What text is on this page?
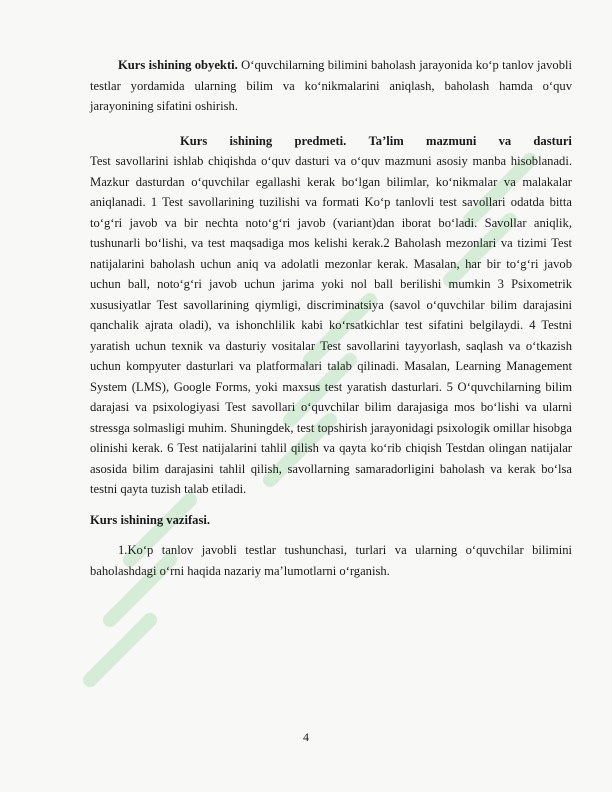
Kurs ishining obyekti. O‘quvchilarning bilimini baholash jarayonida ko‘p tanlov javobli testlar yordamida ularning bilim va ko‘nikmalarini aniqlash, baholash hamda o‘quv jarayonining sifatini oshirish.

Kurs ishining predmeti. Ta’lim mazmuni va dasturi

Test savollarini ishlab chiqishda o‘quv dasturi va o‘quv mazmuni asosiy manba hisoblanadi. Mazkur dasturdan o‘quvchilar egallashi kerak bo‘lgan bilimlar, ko‘nikmalar va malakalar aniqlanadi. 1 Test savollarining tuzilishi va formati Ko‘p tanlovli test savollari odatda bitta to‘g‘ri javob va bir nechta noto‘g‘ri javob (variant)dan iborat bo‘ladi. Savollar aniqlik, tushunarli bo‘lishi, va test maqsadiga mos kelishi kerak.2 Baholash mezonlari va tizimi Test natijalarini baholash uchun aniq va adolatli mezonlar kerak. Masalan, har bir to‘g‘ri javob uchun ball, noto‘g‘ri javob uchun jarima yoki nol ball berilishi mumkin 3 Psixometrik xususiyatlar Test savollarining qiymligi, discriminatsiya (savol o‘quvchilar bilim darajasini qanchalik ajrata oladi), va ishonchlilik kabi ko‘rsatkichlar test sifatini belgilaydi. 4 Testni yaratish uchun texnik va dasturiy vositalar Test savollarini tayyorlash, saqlash va o‘tkazish uchun kompyuter dasturlari va platformalari talab qilinadi. Masalan, Learning Management System (LMS), Google Forms, yoki maxsus test yaratish dasturlari. 5 O‘quvchilarning bilim darajasi va psixologiyasi Test savollari o‘quvchilar bilim darajasiga mos bo‘lishi va ularni stressga solmasligi muhim. Shuningdek, test topshirish jarayonidagi psixologik omillar hisobga olinishi kerak. 6 Test natijalarini tahlil qilish va qayta ko‘rib chiqish Testdan olingan natijalar asosida bilim darajasini tahlil qilish, savollarning samaradorligini baholash va kerak bo‘lsa testni qayta tuzish talab etiladi.

Kurs ishining vazifasi.

1.Ko‘p tanlov javobli testlar tushunchasi, turlari va ularning o‘quvchilar bilimini baholashdagi o‘rni haqida nazariy ma’lumotlarni o‘rganish.

4
